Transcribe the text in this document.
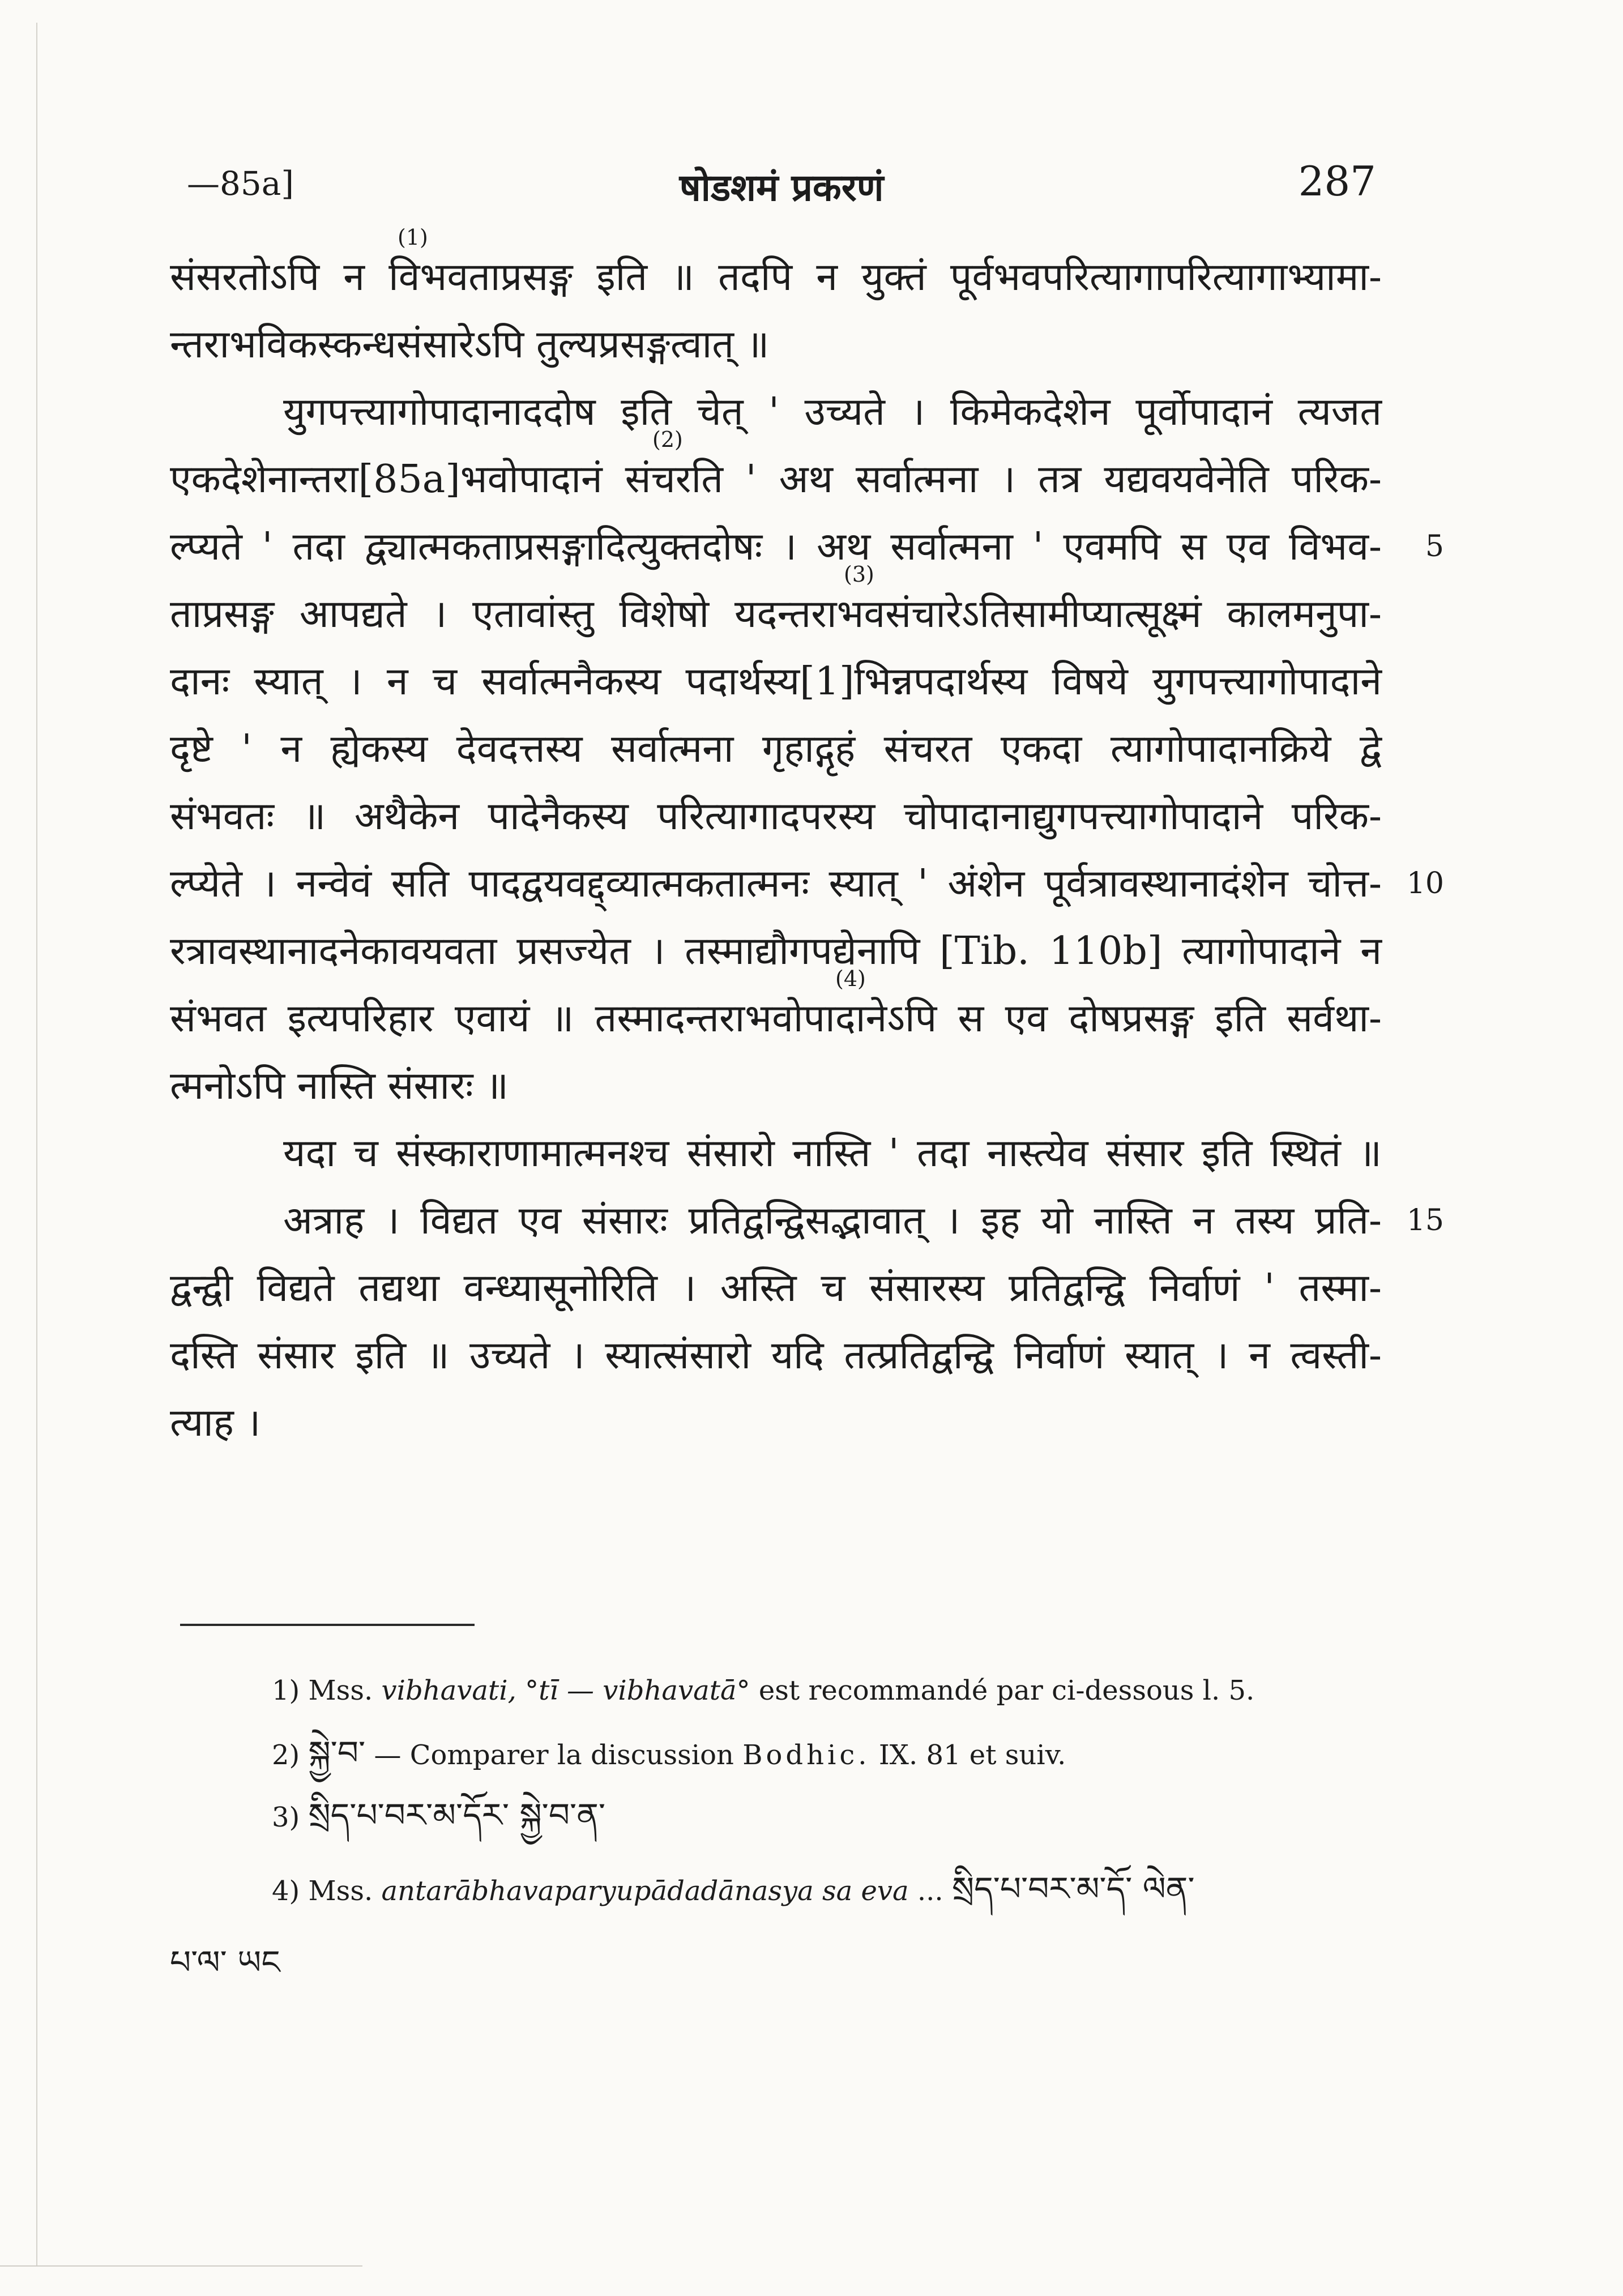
—85a]	षोडशमं प्रकरणं	287
(1)
संसरतोऽपि न विभवताप्रसङ्ग इति ॥ तदपि न युक्तं पूर्वभवपरित्यागापरित्यागाभ्यामा-
न्तराभविकस्कन्धसंसारेऽपि तुल्यप्रसङ्गत्वात् ॥
युगपत्त्यागोपादानाददोष इति चेत् ' उच्यते । किमेकदेशेन पूर्वोपादानं त्यजत
(2)
एकदेशेनान्तरा[85a]भवोपादानं संचरति ' अथ सर्वात्मना । तत्र यद्यवयवेनेति परिक-
ल्प्यते ' तदा द्व्यात्मकताप्रसङ्गादित्युक्तदोषः । अथ सर्वात्मना ' एवमपि स एव विभव- 5
(3)
ताप्रसङ्ग आपद्यते । एतावांस्तु विशेषो यदन्तराभवसंचारेऽतिसामीप्यात्सूक्ष्मं कालमनुपा-
दानः स्यात् । न च सर्वात्मनैकस्य पदार्थस्य[1]भिन्नपदार्थस्य विषये युगपत्त्यागोपादाने
दृष्टे ' न ह्येकस्य देवदत्तस्य सर्वात्मना गृहाद्गृहं संचरत एकदा त्यागोपादानक्रिये द्वे
संभवतः ॥ अथैकेन पादेनैकस्य परित्यागादपरस्य चोपादानाद्युगपत्त्यागोपादाने परिक-
ल्प्येते । नन्वेवं सति पादद्वयवद्द्व्यात्मकतात्मनः स्यात् ' अंशेन पूर्वत्रावस्थानादंशेन चोत्त- 10
रत्रावस्थानादनेकावयवता प्रसज्येत । तस्माद्यौगपद्येनापि [Tib. 110b] त्यागोपादाने न
(4)
संभवत इत्यपरिहार एवायं ॥ तस्मादन्तराभवोपादानेऽपि स एव दोषप्रसङ्ग इति सर्वथा-
त्मनोऽपि नास्ति संसारः ॥
यदा च संस्काराणामात्मनश्च संसारो नास्ति ' तदा नास्त्येव संसार इति स्थितं ॥
अत्राह । विद्यत एव संसारः प्रतिद्वन्द्विसद्भावात् । इह यो नास्ति न तस्य प्रति- 15
द्वन्द्वी विद्यते तद्यथा वन्ध्यासूनोरिति । अस्ति च संसारस्य प्रतिद्वन्द्वि निर्वाणं ' तस्मा-
दस्ति संसार इति ॥ उच्यते । स्यात्संसारो यदि तत्प्रतिद्वन्द्वि निर्वाणं स्यात् । न त्वस्ती-
त्याह ।
1) Mss. vibhavati, °tī — vibhavatā° est recommandé par ci-dessous l. 5.
2) སྐྱེ་བ་ — Comparer la discussion Bodhic. IX. 81 et suiv.
3) སྲིད་པ་བར་མ་དོར་ སྐྱེ་བ་ན་
4) Mss. antarābhavaparyupādadānasya sa eva ... སྲིད་པ་བར་མ་དོ་ ལེན་
པ་ལ་ ཡང
